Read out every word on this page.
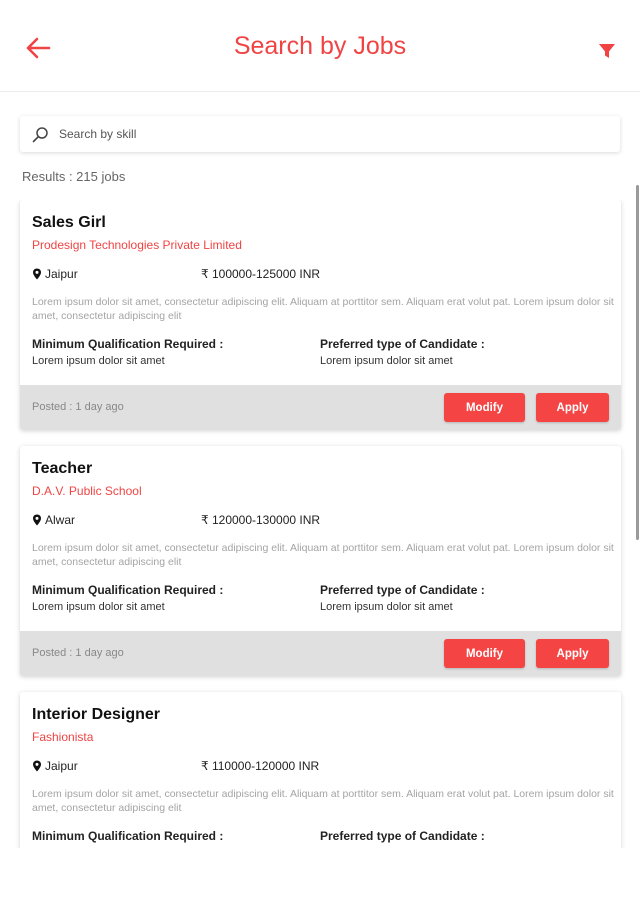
Search by Jobs
Search by skill
Results : 215 jobs
Sales Girl
Prodesign Technologies Private Limited
Jaipur	₹ 100000-125000 INR
Lorem ipsum dolor sit amet, consectetur adipiscing elit. Aliquam at porttitor sem. Aliquam erat volut pat. Lorem ipsum dolor sit amet, consectetur adipiscing elit
Minimum Qualification Required :
Lorem ipsum dolor sit amet
Preferred type of Candidate :
Lorem ipsum dolor sit amet
Posted : 1 day ago	Modify	Apply
Teacher
D.A.V. Public School
Alwar	₹ 120000-130000 INR
Lorem ipsum dolor sit amet, consectetur adipiscing elit. Aliquam at porttitor sem. Aliquam erat volut pat. Lorem ipsum dolor sit amet, consectetur adipiscing elit
Minimum Qualification Required :
Lorem ipsum dolor sit amet
Preferred type of Candidate :
Lorem ipsum dolor sit amet
Posted : 1 day ago	Modify	Apply
Interior Designer
Fashionista
Jaipur	₹ 110000-120000 INR
Lorem ipsum dolor sit amet, consectetur adipiscing elit. Aliquam at porttitor sem. Aliquam erat volut pat. Lorem ipsum dolor sit amet, consectetur adipiscing elit
Minimum Qualification Required :	Preferred type of Candidate :
